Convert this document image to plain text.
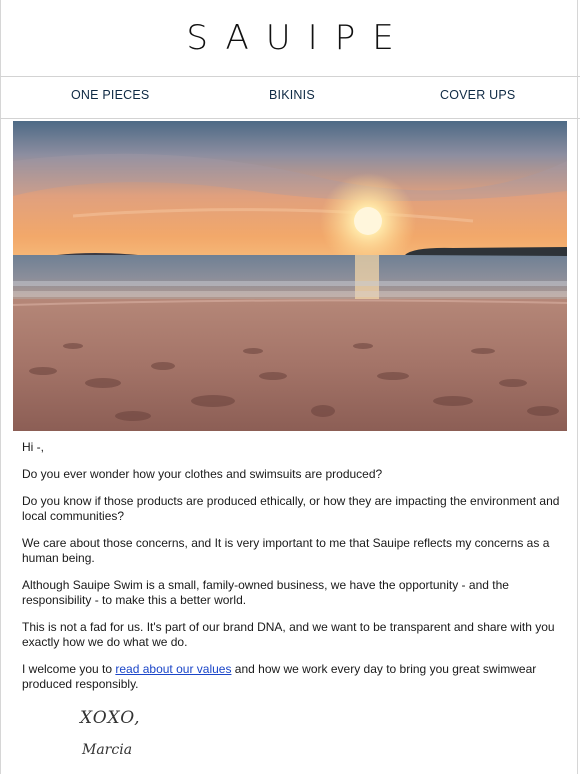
SAUIPE
ONE PIECES	BIKINIS	COVER UPS

Hi -,

Do you ever wonder how your clothes and swimsuits are produced?

Do you know if those products are produced ethically, or how they are impacting the environment and local communities?

We care about those concerns, and It is very important to me that Sauipe reflects my concerns as a human being.

Although Sauipe Swim is a small, family-owned business, we have the opportunity - and the responsibility - to make this a better world.

This is not a fad for us. It's part of our brand DNA, and we want to be transparent and share with you exactly how we do what we do.

I welcome you to read about our values and how we work every day to bring you great swimwear produced responsibly.

XOXO,
Marcia
